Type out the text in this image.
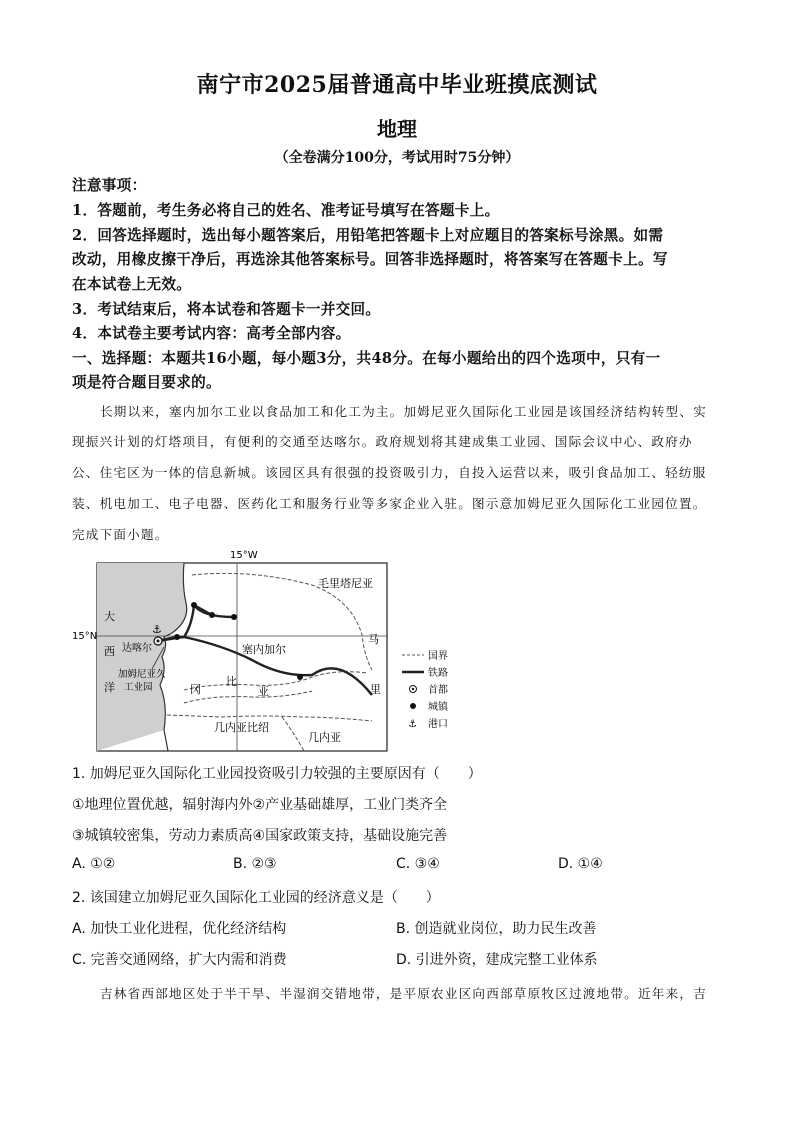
南宁市2025届普通高中毕业班摸底测试
地理
（全卷满分100分，考试用时75分钟）
注意事项：
1．答题前，考生务必将自己的姓名、准考证号填写在答题卡上。
2．回答选择题时，选出每小题答案后，用铅笔把答题卡上对应题目的答案标号涂黑。如需
改动，用橡皮擦干净后，再选涂其他答案标号。回答非选择题时，将答案写在答题卡上。写
在本试卷上无效。
3．考试结束后，将本试卷和答题卡一并交回。
4．本试卷主要考试内容：高考全部内容。
一、选择题：本题共16小题，每小题3分，共48分。在每小题给出的四个选项中，只有一
项是符合题目要求的。
长期以来，塞内加尔工业以食品加工和化工为主。加姆尼亚久国际化工业园是该国经济结构转型、实
现振兴计划的灯塔项目，有便利的交通至达喀尔。政府规划将其建成集工业园、国际会议中心、政府办
公、住宅区为一体的信息新城。该园区具有很强的投资吸引力，自投入运营以来，吸引食品加工、轻纺服
装、机电加工、电子电器、医药化工和服务行业等多家企业入驻。图示意加姆尼亚久国际化工业园位置。
完成下面小题。
15°W
15°N
⚓
毛里塔尼亚
塞内加尔
马
里
冈
比
亚
几内亚比绍
几内亚
大
西
洋
达喀尔
加姆尼亚久
工业园
国界
铁路
首都
城镇
⚓ 港口
1. 加姆尼亚久国际化工业园投资吸引力较强的主要原因有（　　）
①地理位置优越，辐射海内外②产业基础雄厚，工业门类齐全
③城镇较密集，劳动力素质高④国家政策支持，基础设施完善
A. ①②	B. ②③	C. ③④	D. ①④
2. 该国建立加姆尼亚久国际化工业园的经济意义是（　　）
A. 加快工业化进程，优化经济结构	B. 创造就业岗位，助力民生改善
C. 完善交通网络，扩大内需和消费	D. 引进外资，建成完整工业体系
吉林省西部地区处于半干旱、半湿润交错地带，是平原农业区向西部草原牧区过渡地带。近年来，吉
